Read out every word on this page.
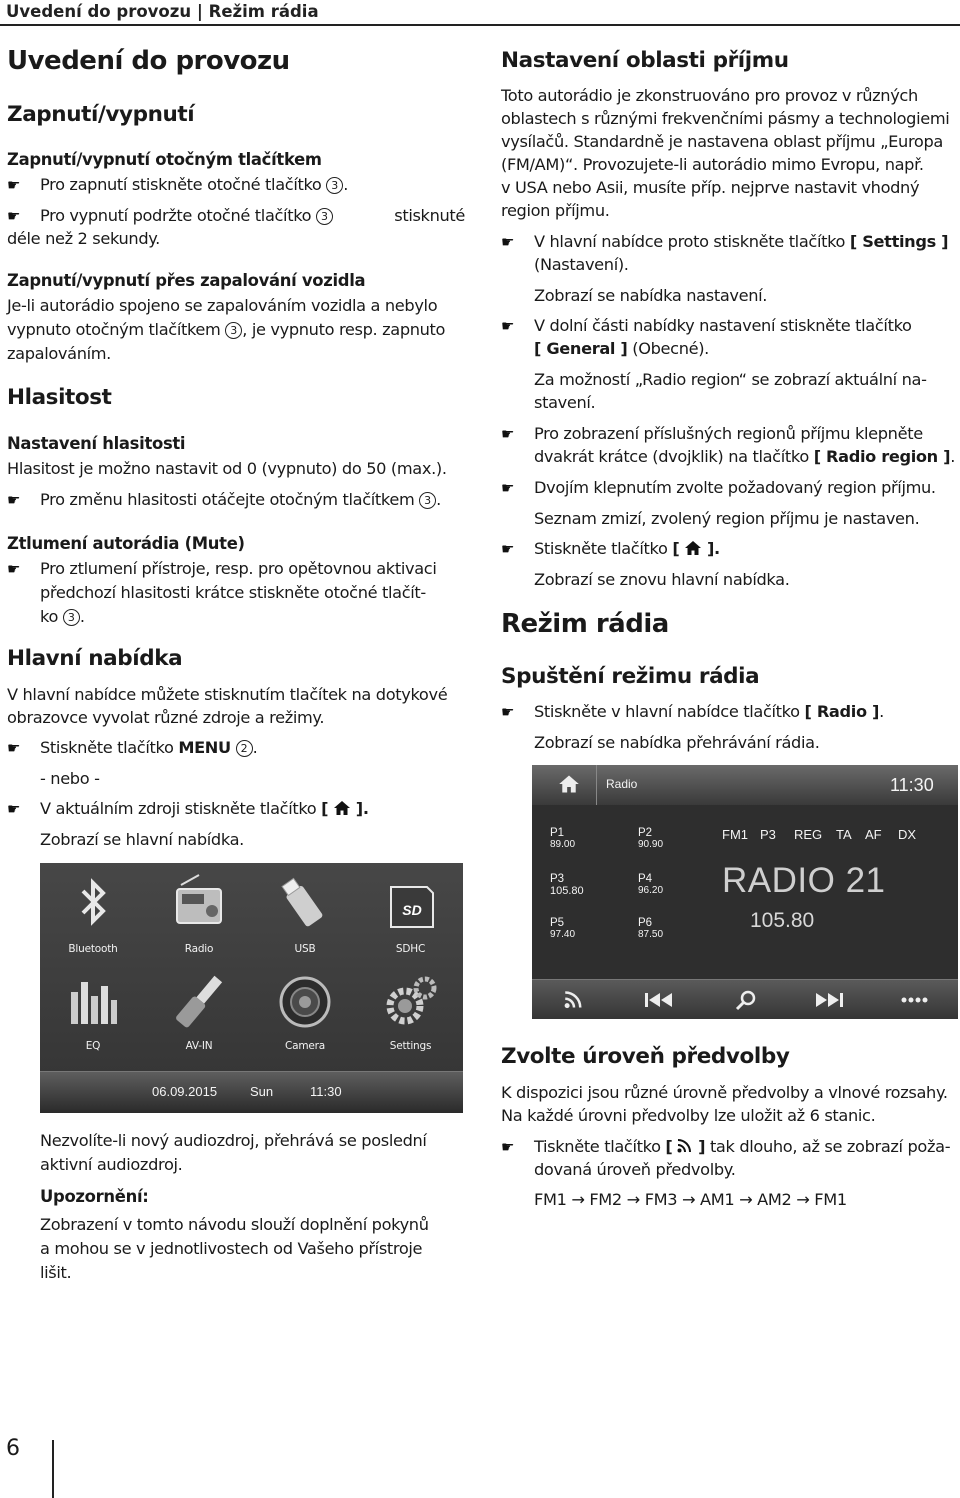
Uvedení do provozu | Režim rádia
Uvedení do provozu
Zapnutí/vypnutí
Zapnutí/vypnutí otočným tlačítkem
☛ Pro zapnutí stiskněte otočné tlačítko 3 .
☛ Pro vypnutí podržte otočné tlačítko 3	stisknuté
déle než 2 sekundy.
Zapnutí/vypnutí přes zapalování vozidla
Je-li autorádio spojeno se zapalováním vozidla a nebylo
vypnuto otočným tlačítkem 3 , je vypnuto resp. zapnuto
zapalováním.
Hlasitost
Nastavení hlasitosti
Hlasitost je možno nastavit od 0 (vypnuto) do 50 (max.).
☛ Pro změnu hlasitosti otáčejte otočným tlačítkem 3 .
Ztlumení autorádia (Mute)
☛ Pro ztlumení přístroje, resp. pro opětovnou aktivaci
předchozí hlasitosti krátce stiskněte otočné tlačít-
ko 3 .
Hlavní nabídka
V hlavní nabídce můžete stisknutím tlačítek na dotykové
obrazovce vyvolat různé zdroje a režimy.
☛ Stiskněte tlačítko MENU 2 .
- nebo -
☛ V aktuálním zdroji stiskněte tlačítko [ ].
Zobrazí se hlavní nabídka.
Nezvolíte-li nový audiozdroj, přehrává se poslední
aktivní audiozdroj.
Upozornění:
Zobrazení v tomto návodu slouží doplnění pokynů
a mohou se v jednotlivostech od Vašeho přístroje
lišit.
Bluetooth	Radio	USB
SD
SDHC
EQ	AV-IN	Camera	Settings
06.09.2015	Sun	11:30
Nastavení oblasti příjmu
Toto autorádio je zkonstruováno pro provoz v různých
oblastech s různými frekvenčními pásmy a technologiemi
vysílačů. Standardně je nastavena oblast příjmu „Europa
(FM/AM)“. Provozujete-li autorádio mimo Evropu, např.
v USA nebo Asii, musíte příp. nejprve nastavit vhodný
region příjmu.
☛ V hlavní nabídce proto stiskněte tlačítko [ Settings ]
(Nastavení).
Zobrazí se nabídka nastavení.
☛ V dolní části nabídky nastavení stiskněte tlačítko
[ General ] (Obecné).
Za možností „Radio region“ se zobrazí aktuální na-
stavení.
☛ Pro zobrazení příslušných regionů příjmu klepněte
dvakrát krátce (dvojklik) na tlačítko [ Radio region ].
☛ Dvojím klepnutím zvolte požadovaný region příjmu.
Seznam zmizí, zvolený region příjmu je nastaven.
☛ Stiskněte tlačítko [ ].
Zobrazí se znovu hlavní nabídka.
Režim rádia
Spuštění režimu rádia
☛ Stiskněte v hlavní nabídce tlačítko [ Radio ].
Zobrazí se nabídka přehrávání rádia.
Zvolte úroveň předvolby
K dispozici jsou různé úrovně předvolby a vlnové rozsahy.
Na každé úrovni předvolby lze uložit až 6 stanic.
☛ Tiskněte tlačítko [ ] tak dlouho, až se zobrazí poža-
dovaná úroveň předvolby.
FM1 → FM2 → FM3 → AM1 → AM2 → FM1
Radio	11:30
P1
89.00
P2
90.90
P3
105.80
P4
96.20
P5
97.40
P6
87.50
FM1 P3 REG TA AF DX
RADIO 21
105.80
6
